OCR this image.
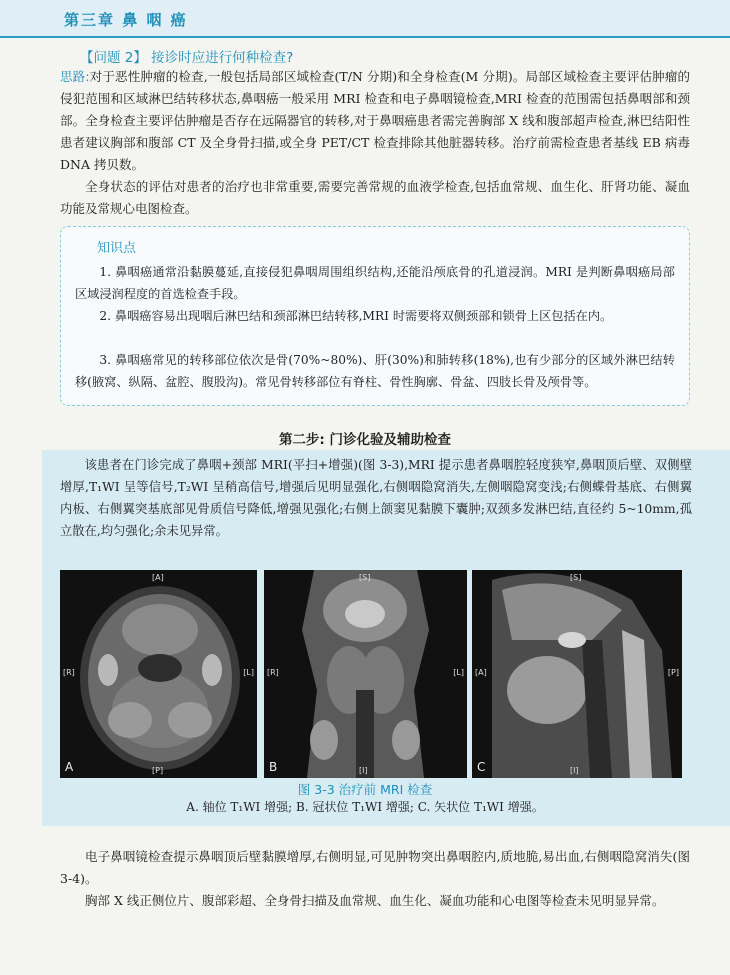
第三章 鼻 咽 癌
【问题 2】 接诊时应进行何种检查?
思路:对于恶性肿瘤的检查,一般包括局部区域检查(T/N 分期)和全身检查(M 分期)。局部区域检查主要评估肿瘤的侵犯范围和区域淋巴结转移状态,鼻咽癌一般采用 MRI 检查和电子鼻咽镜检查,MRI 检查的范围需包括鼻咽部和颈部。全身检查主要评估肿瘤是否存在远隔器官的转移,对于鼻咽癌患者需完善胸部 X 线和腹部超声检查,淋巴结阳性患者建议胸部和腹部 CT 及全身骨扫描,或全身 PET/CT 检查排除其他脏器转移。治疗前需检查患者基线 EB 病毒 DNA 拷贝数。
全身状态的评估对患者的治疗也非常重要,需要完善常规的血液学检查,包括血常规、血生化、肝肾功能、凝血功能及常规心电图检查。
知识点
1. 鼻咽癌通常沿黏膜蔓延,直接侵犯鼻咽周围组织结构,还能沿颅底骨的孔道浸润。MRI 是判断鼻咽癌局部区域浸润程度的首选检查手段。
2. 鼻咽癌容易出现咽后淋巴结和颈部淋巴结转移,MRI 时需要将双侧颈部和锁骨上区包括在内。
3. 鼻咽癌常见的转移部位依次是骨(70%~80%)、肝(30%)和肺转移(18%),也有少部分的区域外淋巴结转移(腋窝、纵隔、盆腔、腹股沟)。常见骨转移部位有脊柱、骨性胸廓、骨盆、四肢长骨及颅骨等。
第二步: 门诊化验及辅助检查
该患者在门诊完成了鼻咽+颈部 MRI(平扫+增强)(图 3-3),MRI 提示患者鼻咽腔轻度狭窄,鼻咽顶后壁、双侧壁增厚,T₁WI 呈等信号,T₂WI 呈稍高信号,增强后见明显强化,右侧咽隐窝消失,左侧咽隐窝变浅;右侧蝶骨基底、右侧翼内板、右侧翼突基底部见骨质信号降低,增强见强化;右侧上颌窦见黏膜下囊肿;双颈多发淋巴结,直径约 5~10mm,孤立散在,均匀强化;余未见异常。
[A]
[P]
[R]	[L]
A
[S]
[I]
[R]	[L]
B
[S]
[I]
[A]	[P]
C
图 3-3 治疗前 MRI 检查
A. 轴位 T₁WI 增强; B. 冠状位 T₁WI 增强; C. 矢状位 T₁WI 增强。
电子鼻咽镜检查提示鼻咽顶后壁黏膜增厚,右侧明显,可见肿物突出鼻咽腔内,质地脆,易出血,右侧咽隐窝消失(图 3-4)。
胸部 X 线正侧位片、腹部彩超、全身骨扫描及血常规、血生化、凝血功能和心电图等检查未见明显异常。
